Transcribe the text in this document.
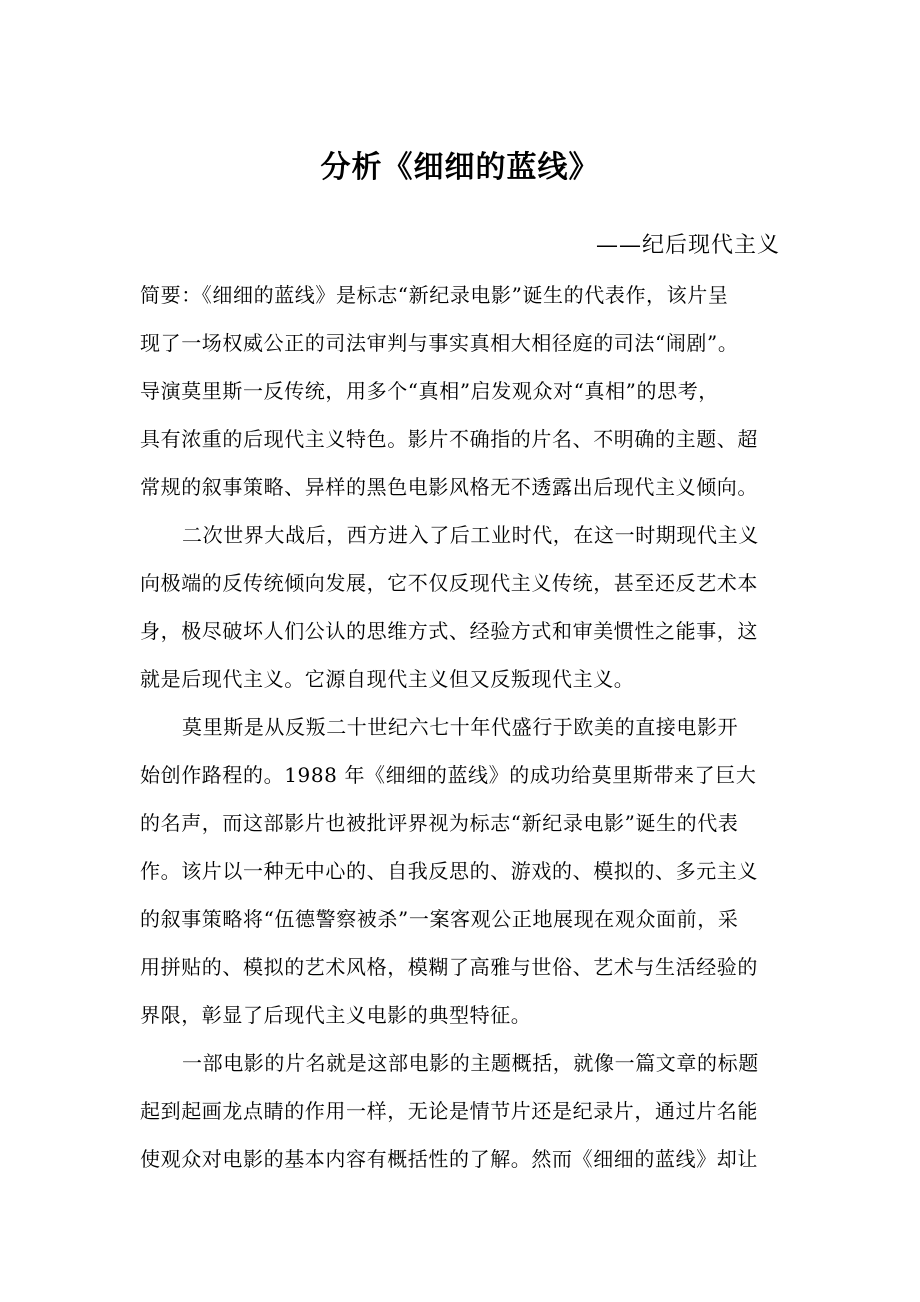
分析《细细的蓝线》
——纪后现代主义
简要：《细细的蓝线》是标志“新纪录电影”诞生的代表作，该片呈
现了一场权威公正的司法审判与事实真相大相径庭的司法“闹剧”。
导演莫里斯一反传统，用多个“真相”启发观众对“真相”的思考，
具有浓重的后现代主义特色。影片不确指的片名、不明确的主题、超
常规的叙事策略、异样的黑色电影风格无不透露出后现代主义倾向。
二次世界大战后，西方进入了后工业时代，在这一时期现代主义
向极端的反传统倾向发展，它不仅反现代主义传统，甚至还反艺术本
身，极尽破坏人们公认的思维方式、经验方式和审美惯性之能事，这
就是后现代主义。它源自现代主义但又反叛现代主义。
莫里斯是从反叛二十世纪六七十年代盛行于欧美的直接电影开
始创作路程的。1988 年《细细的蓝线》的成功给莫里斯带来了巨大
的名声，而这部影片也被批评界视为标志“新纪录电影”诞生的代表
作。该片以一种无中心的、自我反思的、游戏的、模拟的、多元主义
的叙事策略将“伍德警察被杀”一案客观公正地展现在观众面前，采
用拼贴的、模拟的艺术风格，模糊了高雅与世俗、艺术与生活经验的
界限，彰显了后现代主义电影的典型特征。
一部电影的片名就是这部电影的主题概括，就像一篇文章的标题
起到起画龙点睛的作用一样，无论是情节片还是纪录片，通过片名能
使观众对电影的基本内容有概括性的了解。然而《细细的蓝线》却让
